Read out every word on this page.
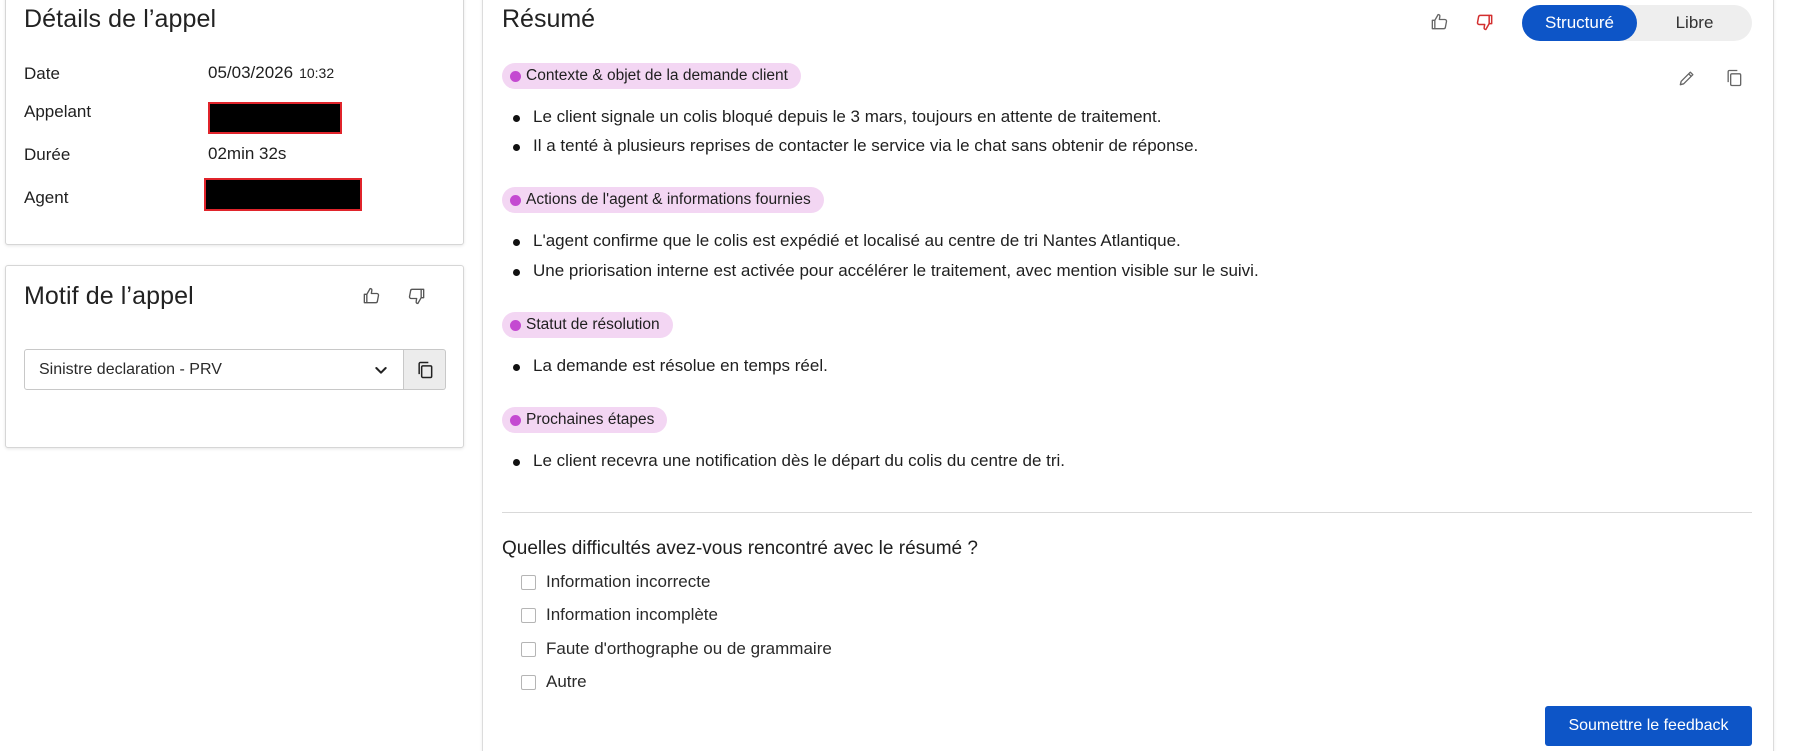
Détails de l’appel
Date	05/03/2026 10:32
Appelant
Durée	02min 32s
Agent
Motif de l’appel
Sinistre declaration - PRV
Résumé	Structuré	Libre
Contexte & objet de la demande client
Le client signale un colis bloqué depuis le 3 mars, toujours en attente de traitement.
Il a tenté à plusieurs reprises de contacter le service via le chat sans obtenir de réponse.
Actions de l'agent & informations fournies
L'agent confirme que le colis est expédié et localisé au centre de tri Nantes Atlantique.
Une priorisation interne est activée pour accélérer le traitement, avec mention visible sur le suivi.
Statut de résolution
La demande est résolue en temps réel.
Prochaines étapes
Le client recevra une notification dès le départ du colis du centre de tri.
Quelles difficultés avez-vous rencontré avec le résumé ?
Information incorrecte
Information incomplète
Faute d'orthographe ou de grammaire
Autre
Soumettre le feedback
